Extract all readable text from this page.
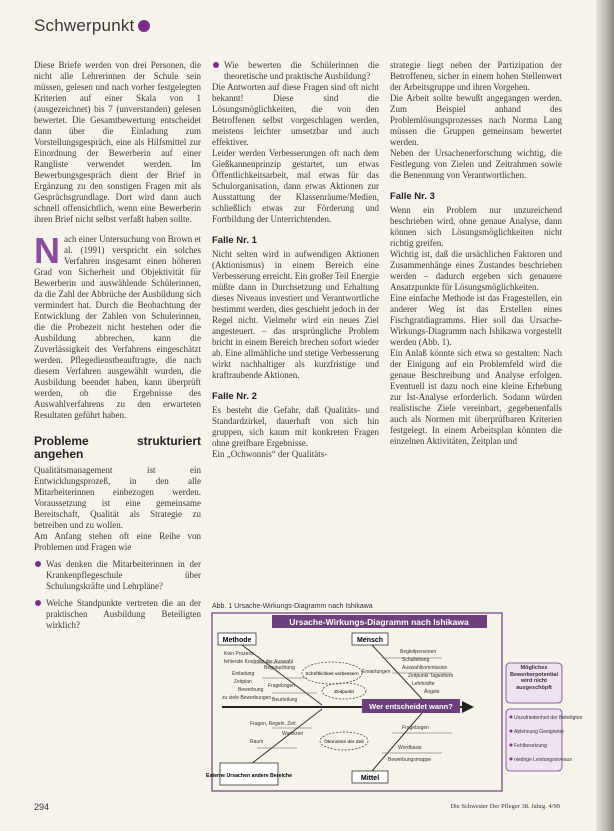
Schwerpunkt

Diese Briefe werden von drei Personen, die nicht alle Lehrerinnen der Schule sein müssen, gelesen und nach vorher festgelegten Kriterien auf einer Skala von 1 (ausgezeichnet) bis 7 (unverstanden) gelesen bewertet. Die Gesamtbewertung entscheidet dann über die Einladung zum Vorstellungsgespräch, eine als Hilfsmittel zur Einordnung der Bewerberin auf einer Rangliste verwendet werden. Im Bewerbungsgespräch dient der Brief in Ergänzung zu den sonstigen Fragen mit als Gesprächsgrundlage. Dort wird dann auch schnell offensichtlich, wenn eine Bewerberin ihren Brief nicht selbst verfaßt haben sollte.

Nach einer Untersuchung von Brown et al. (1991) verspricht ein solches Verfahren insgesamt einen höheren Grad von Sicherheit und Objektivität für Bewerberin und auswählende Schülerinnen, da die Zahl der Abbrüche der Ausbildung sich vermindert hat. Durch die Beobachtung der Entwicklung der Zahlen von Schulerinnen, die die Probezeit nicht bestehen oder die Ausbildung abbrechen, kann die Zuverlässigkeit des Verfahrens eingeschätzt werden. Pflegedienstbeauftragte, die nach diesem Verfahren ausgewählt wurden, die Ausbildung beendet haben, kann überprüft werden, ob die Ergebnisse des Auswahlverfahrens zu den erwarteten Resultaten geführt haben.

Probleme strukturiert angehen

Qualitätsmanagement ist ein Entwicklungsprozeß, in den alle Mitarbeiterinnen einbezogen werden. Voraussetzung ist eine gemeinsame Bereitschaft, Qualität als Strategie zu betreiben und zu wollen.

Am Anfang stehen oft eine Reihe von Problemen und Fragen wie

Was denken die Mitarbeiterinnen in der Krankenpflegeschule über Schulungskräfte und Lehrpläne?
Welche Standpunkte vertreten die an der praktischen Ausbildung Beteiligten wirklich?
Wie bewerten die Schülerinnen die theoretische und praktische Ausbildung?

Die Antworten auf diese Fragen sind oft nicht bekannt! Diese sind die Lösungsmöglichkeiten, die von den Betroffenen selbst vorgeschlagen werden, meistens leichter umsetzbar und auch effektiver.

Leider werden Verbesserungen oft nach dem Gießkannenprinzip gestartet, um etwas Öffentlichkeitsarbeit, mal etwas für das Schulorganisation, dann etwas Aktionen zur Ausstattung der Klassenräume/Medien, schließlich etwas zur Förderung und Fortbildung der Unterrichtenden.

Falle Nr. 1

Nicht selten wird in aufwendigen Aktionen (Aktionismus) in einem Bereich eine Verbesserung erreicht. Ein großer Teil Energie müßte dann in Durchsetzung und Erhaltung dieses Niveaus investiert und Verantwortliche bestimmt werden, dies geschieht jedoch in der Regel nicht. Vielmehr wird ein neues Ziel angesteuert. – das ursprüngliche Problem bricht in einem Bereich brechen sofort wieder ab. Eine allmähliche und stetige Verbesserung wirkt nachhaltiger als kurzfristige und kraftraubende Aktionen.

Falle Nr. 2

Es besteht die Gefahr, daß Qualitäts- und Standardzirkel, dauerhaft von sich hin gruppen, sich kaum mit konkreten Fragen ohne greifbare Ergebnisse.

Ein „Ochwonnis“ der Qualitäts-

strategie liegt neben der Partizipation der Betroffenen, sicher in einem hohen Stellenwert der Arbeitsgruppe und ihren Vorgehen.

Die Arbeit sollte bewußt angegangen werden. Zum Beispiel anhand des Problemlösungsprozesses nach Norma Lang müssen die Gruppen gemeinsam bewertet werden.

Neben der Ursachenerforschung wichtig, die Festlegung von Zielen und Zeitrahmen sowie die Benennung von Verantwortlichen.

Falle Nr. 3

Wenn ein Problem nur unzureichend beschrieben wird, ohne genaue Analyse, dann können sich Lösungsmöglichkeiten nicht richtig greifen.

Wichtig ist, daß die ursächlichen Faktoren und Zusammenhänge eines Zustandes beschrieben werden – dadurch ergeben sich genauere Ansatzpunkte für Lösungsmöglichkeiten.

Eine einfache Methode ist das Fragestellen, ein anderer Weg ist das Erstellen eines Fischgratdiagramms. Hier soll das Ursache-Wirkungs-Diagramm nach Ishikawa vorgestellt werden (Abb. 1).

Ein Anlaß könnte sich etwa so gestalten: Nach der Einigung auf ein Problemfeld wird die genaue Beschreibung und Analyse erfolgen. Eventuell ist dazu noch eine kleine Erhebung zur Ist-Analyse erforderlich. Sodann würden realistische Ziele vereinbart, gegebenenfalls auch als Normen mit überprüfbaren Kriterien festgelegt. In einem Arbeitsplan könnten die einzelnen Aktivitäten, Zeitplan und

Abb. 1 Ursache-Wirkungs-Diagramm nach Ishikawa
Ursache-Wirkungs-Diagramm nach Ishikawa
Methode	Mensch
Mittel
Wer entscheidet wann?
Kein Prozess
fehlende Kontrolle der Auswahl
Begutachtung
Einladung
Zeitplan
Fragebogen
Bewerbung
zu viele Bewerbungen Beurteilung
Begleitpersonen
Schulleitung
Auswahlkommission
Zeitpunkt Tagesform
Lehrkräfte
Ängste
Erwartungen
Fragen, Regeln, Zeit
Raum
Wartezeit
Fragebogen
Wordbasis
Bewerbungsmappe
Schriftlichkeit verbessern
Zeitpunkt
Ökonomie der Zeit
Externe Ursachen andere Bereiche
Mögliches Bewerberpotential wird nicht ausgeschöpft
Unzufriedenheit der Beteiligten
Ablehnung Geeigneter
Fehlbesetzung
niedrige Leistungsniveaus
294	Die Schwester Der Pfleger 38. Jahrg. 4/99
